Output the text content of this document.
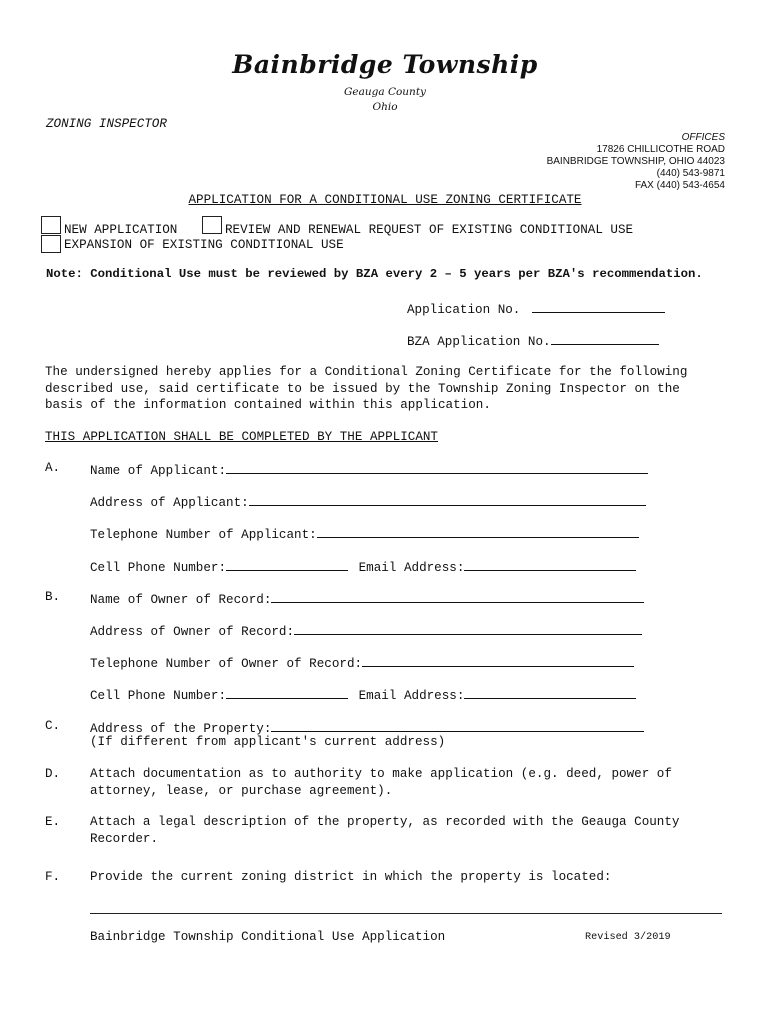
Bainbridge Township
Geauga County
Ohio
ZONING INSPECTOR
OFFICES
17826 CHILLICOTHE ROAD
BAINBRIDGE TOWNSHIP, OHIO 44023
(440) 543-9871
FAX (440) 543-4654
APPLICATION FOR A CONDITIONAL USE ZONING CERTIFICATE
NEW APPLICATION	REVIEW AND RENEWAL REQUEST OF EXISTING CONDITIONAL USE
EXPANSION OF EXISTING CONDITIONAL USE
Note: Conditional Use must be reviewed by BZA every 2 – 5 years per BZA's recommendation.
Application No.
BZA Application No.
The undersigned hereby applies for a Conditional Zoning Certificate for the following
described use, said certificate to be issued by the Township Zoning Inspector on the
basis of the information contained within this application.
THIS APPLICATION SHALL BE COMPLETED BY THE APPLICANT
A. Name of Applicant:
Address of Applicant:
Telephone Number of Applicant:
Cell Phone Number:	Email Address:
B. Name of Owner of Record:
Address of Owner of Record:
Telephone Number of Owner of Record:
Cell Phone Number:	Email Address:
C. Address of the Property:
(If different from applicant's current address)
D. Attach documentation as to authority to make application (e.g. deed, power of
attorney, lease, or purchase agreement).
E. Attach a legal description of the property, as recorded with the Geauga County
Recorder.
F. Provide the current zoning district in which the property is located:
Bainbridge Township Conditional Use Application	Revised 3/2019
